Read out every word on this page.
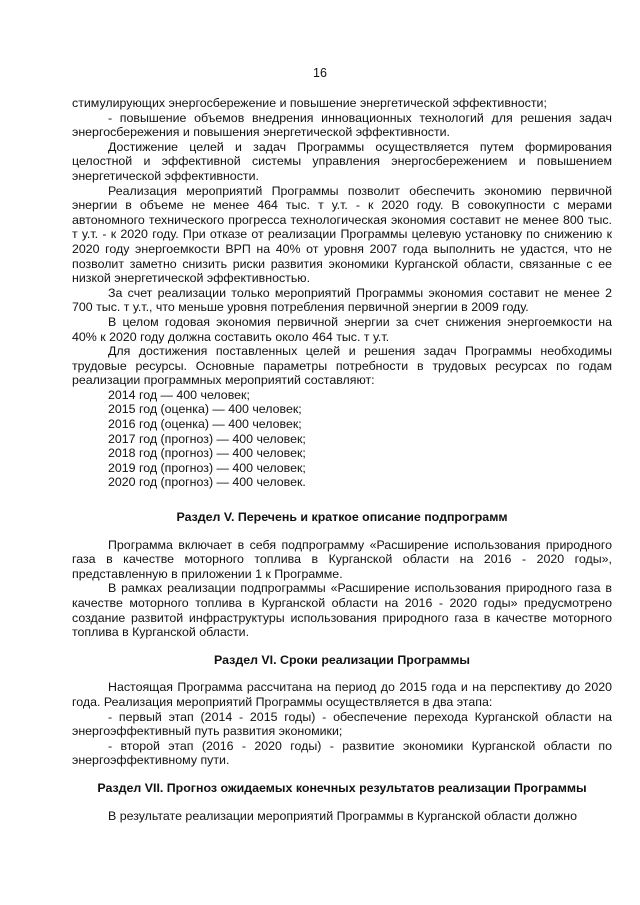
16

стимулирующих энергосбережение и повышение энергетической эффективности;

- повышение объемов внедрения инновационных технологий для решения задач энергосбережения и повышения энергетической эффективности.

Достижение целей и задач Программы осуществляется путем формирования целостной и эффективной системы управления энергосбережением и повышением энергетической эффективности.

Реализация мероприятий Программы позволит обеспечить экономию первичной энергии в объеме не менее 464 тыс. т у.т. - к 2020 году. В совокупности с мерами автономного технического прогресса технологическая экономия составит не менее 800 тыс. т у.т. - к 2020 году. При отказе от реализации Программы целевую установку по снижению к 2020 году энергоемкости ВРП на 40% от уровня 2007 года выполнить не удастся, что не позволит заметно снизить риски развития экономики Курганской области, связанные с ее низкой энергетической эффективностью.

За счет реализации только мероприятий Программы экономия составит не менее 2 700 тыс. т у.т., что меньше уровня потребления первичной энергии в 2009 году.

В целом годовая экономия первичной энергии за счет снижения энергоемкости на 40% к 2020 году должна составить около 464 тыс. т у.т.

Для достижения поставленных целей и решения задач Программы необходимы трудовые ресурсы. Основные параметры потребности в трудовых ресурсах по годам реализации программных мероприятий составляют:

2014 год — 400 человек;
2015 год (оценка) — 400 человек;
2016 год (оценка) — 400 человек;
2017 год (прогноз) — 400 человек;
2018 год (прогноз) — 400 человек;
2019 год (прогноз) — 400 человек;
2020 год (прогноз) — 400 человек.
Раздел V. Перечень и краткое описание подпрограмм

Программа включает в себя подпрограмму «Расширение использования природного газа в качестве моторного топлива в Курганской области на 2016 - 2020 годы», представленную в приложении 1 к Программе.

В рамках реализации подпрограммы «Расширение использования природного газа в качестве моторного топлива в Курганской области на 2016 - 2020 годы» предусмотрено создание развитой инфраструктуры использования природного газа в качестве моторного топлива в Курганской области.

Раздел VI. Сроки реализации Программы

Настоящая Программа рассчитана на период до 2015 года и на перспективу до 2020 года. Реализация мероприятий Программы осуществляется в два этапа:

- первый этап (2014 - 2015 годы) - обеспечение перехода Курганской области на энергоэффективный путь развития экономики;

- второй этап (2016 - 2020 годы) - развитие экономики Курганской области по энергоэффективному пути.

Раздел VII. Прогноз ожидаемых конечных результатов реализации Программы

В результате реализации мероприятий Программы в Курганской области должно
